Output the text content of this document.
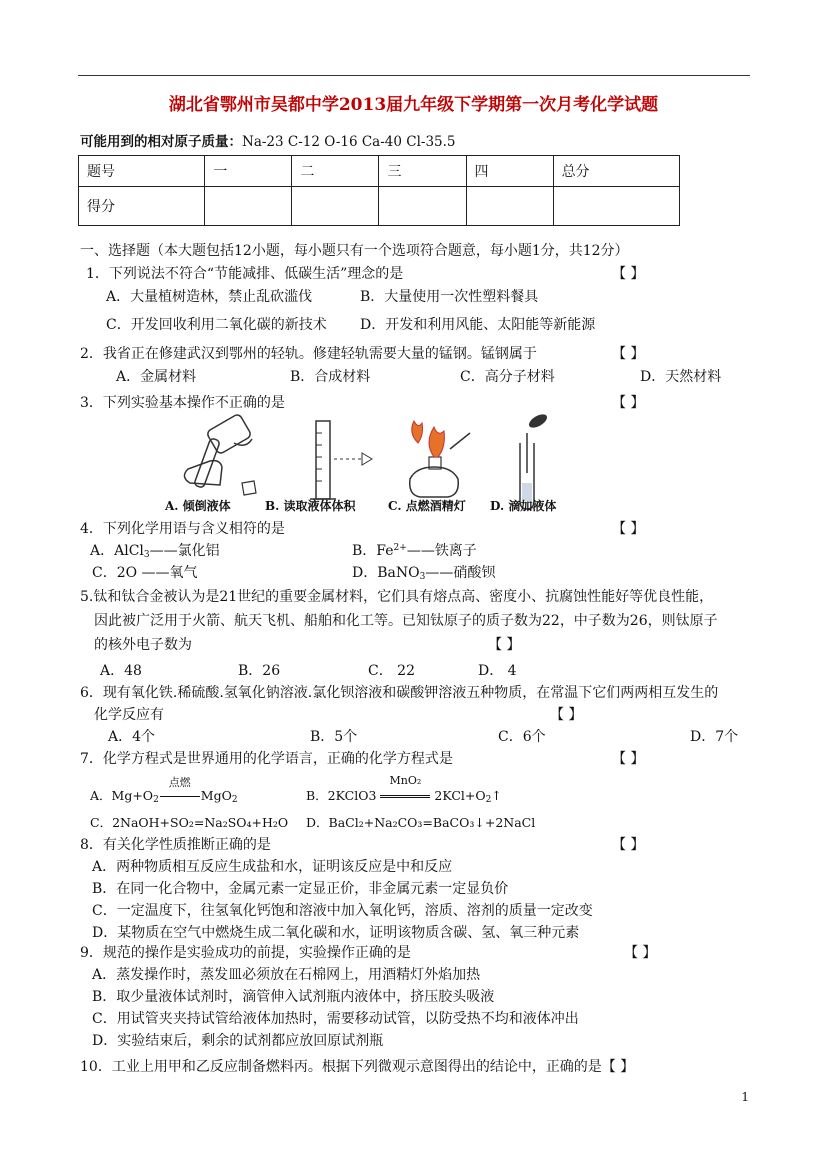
湖北省鄂州市吴都中学2013届九年级下学期第一次月考化学试题
可能用到的相对原子质量：Na-23 C-12 O-16 Ca-40 Cl-35.5
题号	一	二	三	四	总分
得分					
一、选择题（本大题包括12小题，每小题只有一个选项符合题意，每小题1分，共12分）
1．下列说法不符合“节能减排、低碳生活”理念的是	【 】
A．大量植树造林，禁止乱砍滥伐	B．大量使用一次性塑料餐具
C．开发回收利用二氧化碳的新技术 D．开发和利用风能、太阳能等新能源
2．我省正在修建武汉到鄂州的轻轨。修建轻轨需要大量的锰钢。锰钢属于	【 】
A．金属材料	B．合成材料	C．高分子材料	D．天然材料
3．下列实验基本操作不正确的是	【 】
A. 倾倒液体	B. 读取液体体积	C. 点燃酒精灯 D. 滴加液体
4．下列化学用语与含义相符的是	【 】
A．AlCl$_3$——氯化铝	B．$Fe^{2+}——$铁离子
C．2O ——氧气	D．BaNO$_3$——硝酸钡
5.钛和钛合金被认为是21世纪的重要金属材料，它们具有熔点高、密度小、抗腐蚀性能好等优良性能，
因此被广泛用于火箭、航天飞机、船舶和化工等。已知钛原子的质子数为22，中子数为26，则钛原子
的核外电子数为	【 】
A．48	B．26	C． 22	D． 4
6．现有氧化铁.稀硫酸.氢氧化钠溶液.氯化钡溶液和碳酸钾溶液五种物质，在常温下它们两两相互发生的
化学反应有	【 】
A．4个	B．5个	C．6个	D．7个
7．化学方程式是世界通用的化学语言，正确的化学方程式是	【 】
A．$Mg+O_2$
点燃
MgO$_2$	B．2KClO3
MnO₂
$2KCl+O_2↑$
C．2NaOH+SO₂=Na₂SO₄+H₂O D．BaCl₂+Na₂CO₃=BaCO₃↓+2NaCl
8．有关化学性质推断正确的是	【 】
A．两种物质相互反应生成盐和水，证明该反应是中和反应
B．在同一化合物中，金属元素一定显正价，非金属元素一定显负价
C．一定温度下，往氢氧化钙饱和溶液中加入氧化钙，溶质、溶剂的质量一定改变
D．某物质在空气中燃烧生成二氧化碳和水，证明该物质含碳、氢、氧三种元素
9．规范的操作是实验成功的前提，实验操作正确的是	【 】
A．蒸发操作时，蒸发皿必须放在石棉网上，用酒精灯外焰加热
B．取少量液体试剂时，滴管伸入试剂瓶内液体中，挤压胶头吸液
C．用试管夹夹持试管给液体加热时，需要移动试管，以防受热不均和液体冲出
D．实验结束后，剩余的试剂都应放回原试剂瓶
10．工业上用甲和乙反应制备燃料丙。根据下列微观示意图得出的结论中，正确的是【 】
1
